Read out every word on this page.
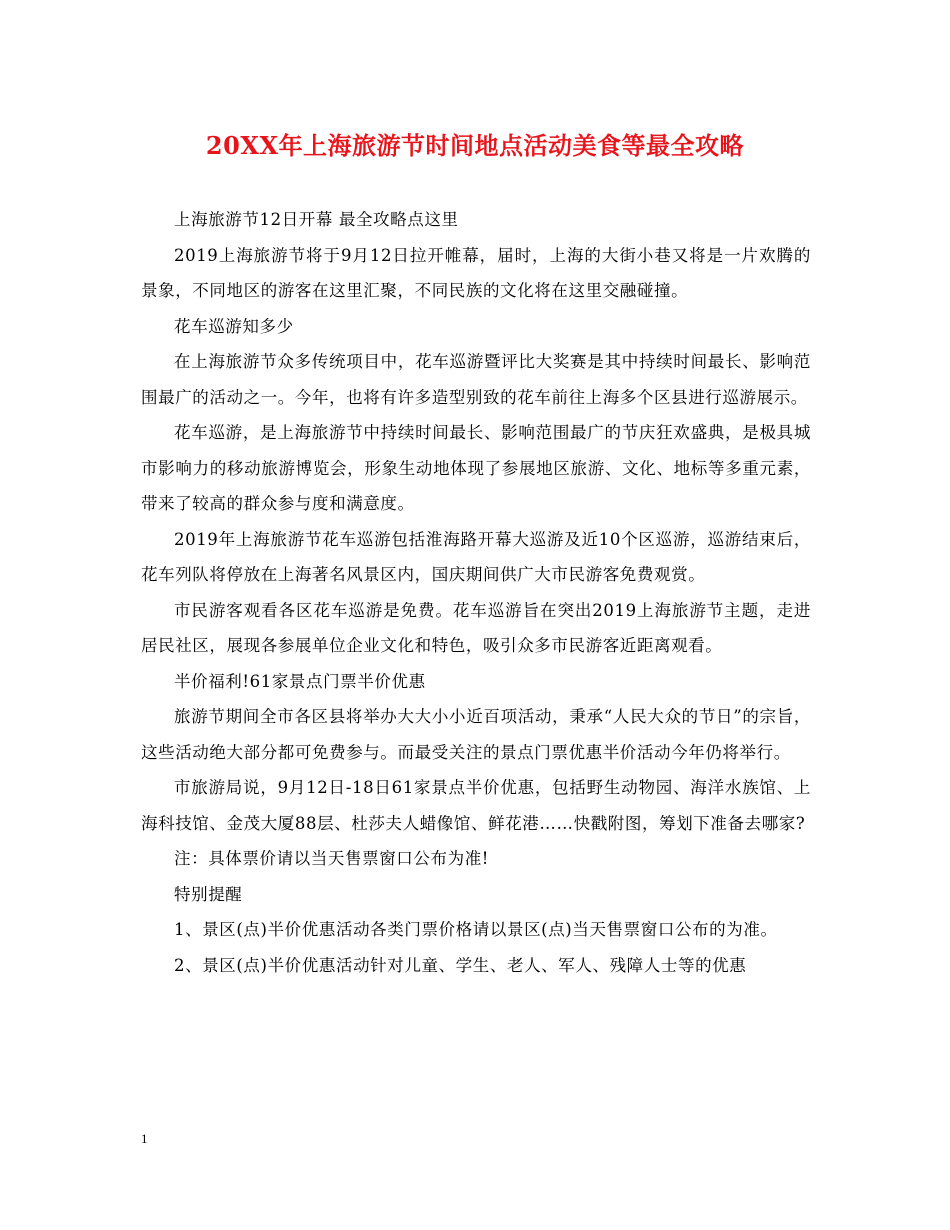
20XX年上海旅游节时间地点活动美食等最全攻略

上海旅游节12日开幕 最全攻略点这里

2019上海旅游节将于9月12日拉开帷幕，届时，上海的大街小巷又将是一片欢腾的景象，不同地区的游客在这里汇聚，不同民族的文化将在这里交融碰撞。

花车巡游知多少

在上海旅游节众多传统项目中，花车巡游暨评比大奖赛是其中持续时间最长、影响范围最广的活动之一。今年，也将有许多造型别致的花车前往上海多个区县进行巡游展示。

花车巡游，是上海旅游节中持续时间最长、影响范围最广的节庆狂欢盛典，是极具城市影响力的移动旅游博览会，形象生动地体现了参展地区旅游、文化、地标等多重元素，带来了较高的群众参与度和满意度。

2019年上海旅游节花车巡游包括淮海路开幕大巡游及近10个区巡游，巡游结束后，花车列队将停放在上海著名风景区内，国庆期间供广大市民游客免费观赏。

市民游客观看各区花车巡游是免费。花车巡游旨在突出2019上海旅游节主题，走进居民社区，展现各参展单位企业文化和特色，吸引众多市民游客近距离观看。

半价福利!61家景点门票半价优惠

旅游节期间全市各区县将举办大大小小近百项活动，秉承“人民大众的节日”的宗旨，这些活动绝大部分都可免费参与。而最受关注的景点门票优惠半价活动今年仍将举行。

市旅游局说，9月12日-18日61家景点半价优惠，包括野生动物园、海洋水族馆、上海科技馆、金茂大厦88层、杜莎夫人蜡像馆、鲜花港……快戳附图，筹划下准备去哪家?

注：具体票价请以当天售票窗口公布为准!

特别提醒

1、景区(点)半价优惠活动各类门票价格请以景区(点)当天售票窗口公布的为准。

2、景区(点)半价优惠活动针对儿童、学生、老人、军人、残障人士等的优惠

1
